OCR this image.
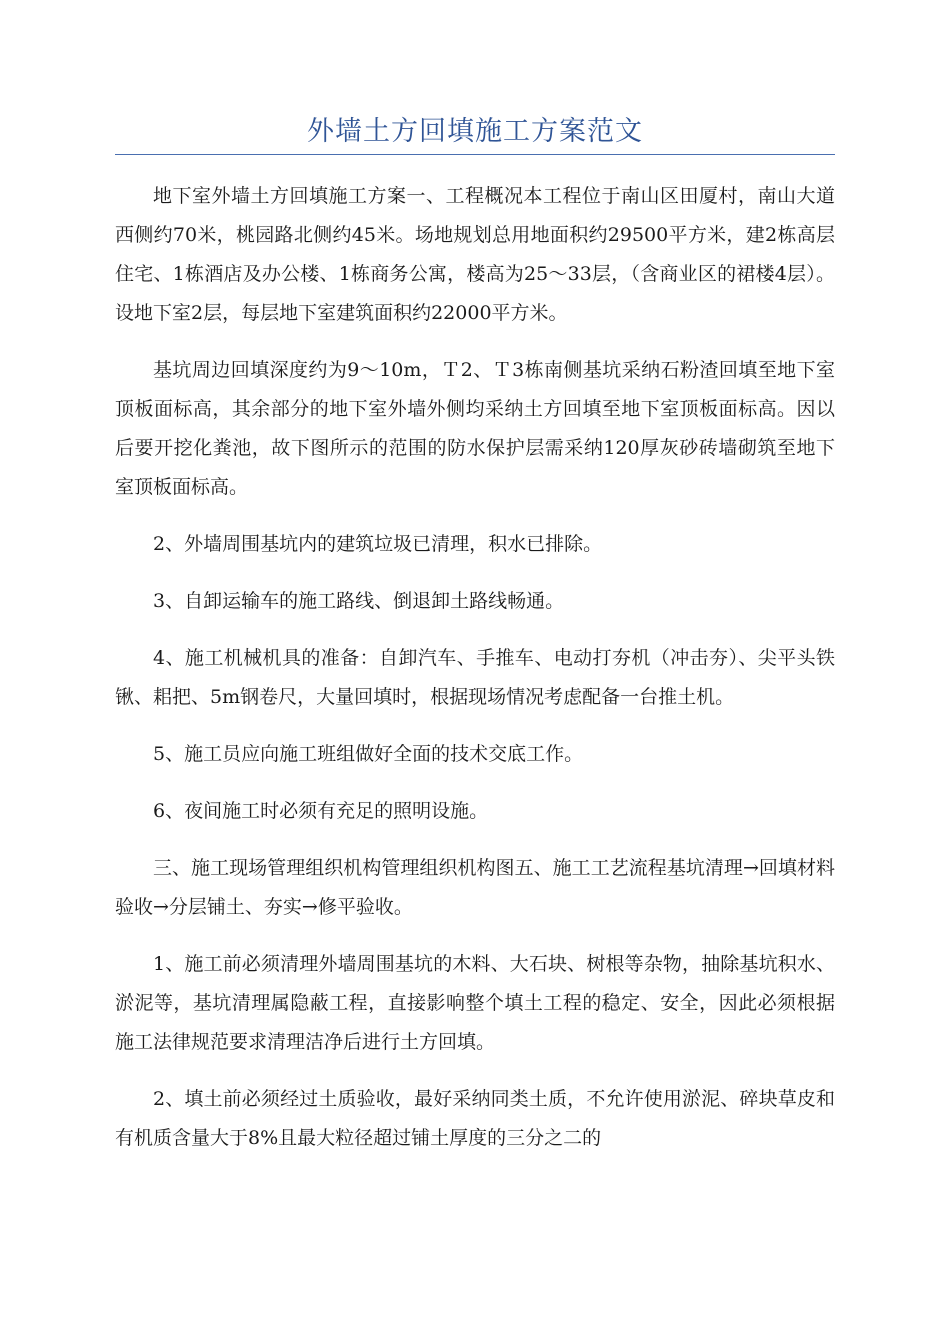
外墙土方回填施工方案范文

地下室外墙土方回填施工方案一、工程概况本工程位于南山区田厦村，南山大道西侧约70米，桃园路北侧约45米。场地规划总用地面积约29500平方米，建2栋高层住宅、1栋酒店及办公楼、1栋商务公寓，楼高为25～33层，（含商业区的裙楼4层）。设地下室2层，每层地下室建筑面积约22000平方米。

基坑周边回填深度约为9～10m，Ｔ2、Ｔ3栋南侧基坑采纳石粉渣回填至地下室顶板面标高，其余部分的地下室外墙外侧均采纳土方回填至地下室顶板面标高。因以后要开挖化粪池，故下图所示的范围的防水保护层需采纳120厚灰砂砖墙砌筑至地下室顶板面标高。

2、外墙周围基坑内的建筑垃圾已清理，积水已排除。

3、自卸运输车的施工路线、倒退卸土路线畅通。

4、施工机械机具的准备：自卸汽车、手推车、电动打夯机（冲击夯）、尖平头铁锹、耜把、5m钢卷尺，大量回填时，根据现场情况考虑配备一台推土机。

5、施工员应向施工班组做好全面的技术交底工作。

6、夜间施工时必须有充足的照明设施。

三、施工现场管理组织机构管理组织机构图五、施工工艺流程基坑清理→回填材料验收→分层铺土、夯实→修平验收。

1、施工前必须清理外墙周围基坑的木料、大石块、树根等杂物，抽除基坑积水、淤泥等，基坑清理属隐蔽工程，直接影响整个填土工程的稳定、安全，因此必须根据施工法律规范要求清理洁净后进行土方回填。

2、填土前必须经过土质验收，最好采纳同类土质，不允许使用淤泥、碎块草皮和有机质含量大于8%且最大粒径超过铺土厚度的三分之二的
